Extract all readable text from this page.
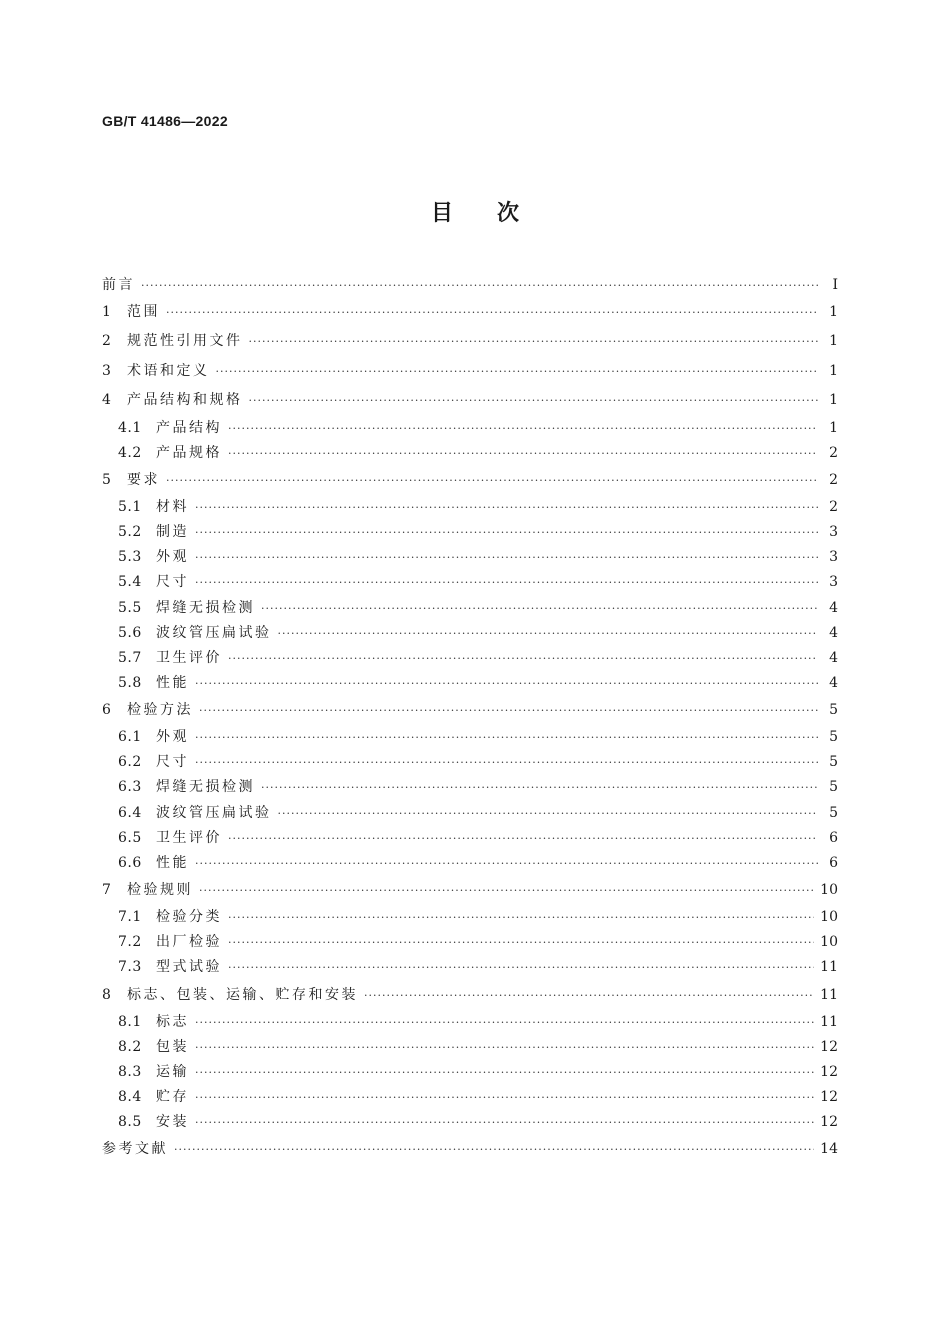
GB/T 41486—2022
目次
前言 ·····	Ⅰ
1	范围 ·····	1
2	规范性引用文件 ·····	1
3	术语和定义 ·····	1
4	产品结构和规格 ·····	1
4.1	产品结构 ·····	1
4.2	产品规格 ·····	2
5	要求 ·····	2
5.1	材料 ·····	2
5.2	制造 ·····	3
5.3	外观 ·····	3
5.4	尺寸 ·····	3
5.5	焊缝无损检测 ·····	4
5.6	波纹管压扁试验 ·····	4
5.7	卫生评价 ·····	4
5.8	性能 ·····	4
6	检验方法 ·····	5
6.1	外观 ·····	5
6.2	尺寸 ·····	5
6.3	焊缝无损检测 ·····	5
6.4	波纹管压扁试验 ·····	5
6.5	卫生评价 ·····	6
6.6	性能 ·····	6
7	检验规则 ·····	10
7.1	检验分类 ·····	10
7.2	出厂检验 ·····	10
7.3	型式试验 ·····	11
8	标志、包装、运输、贮存和安装 ·····	11
8.1	标志 ·····	11
8.2	包装 ·····	12
8.3	运输 ·····	12
8.4	贮存 ·····	12
8.5	安装 ·····	12
参考文献 ·····	14
